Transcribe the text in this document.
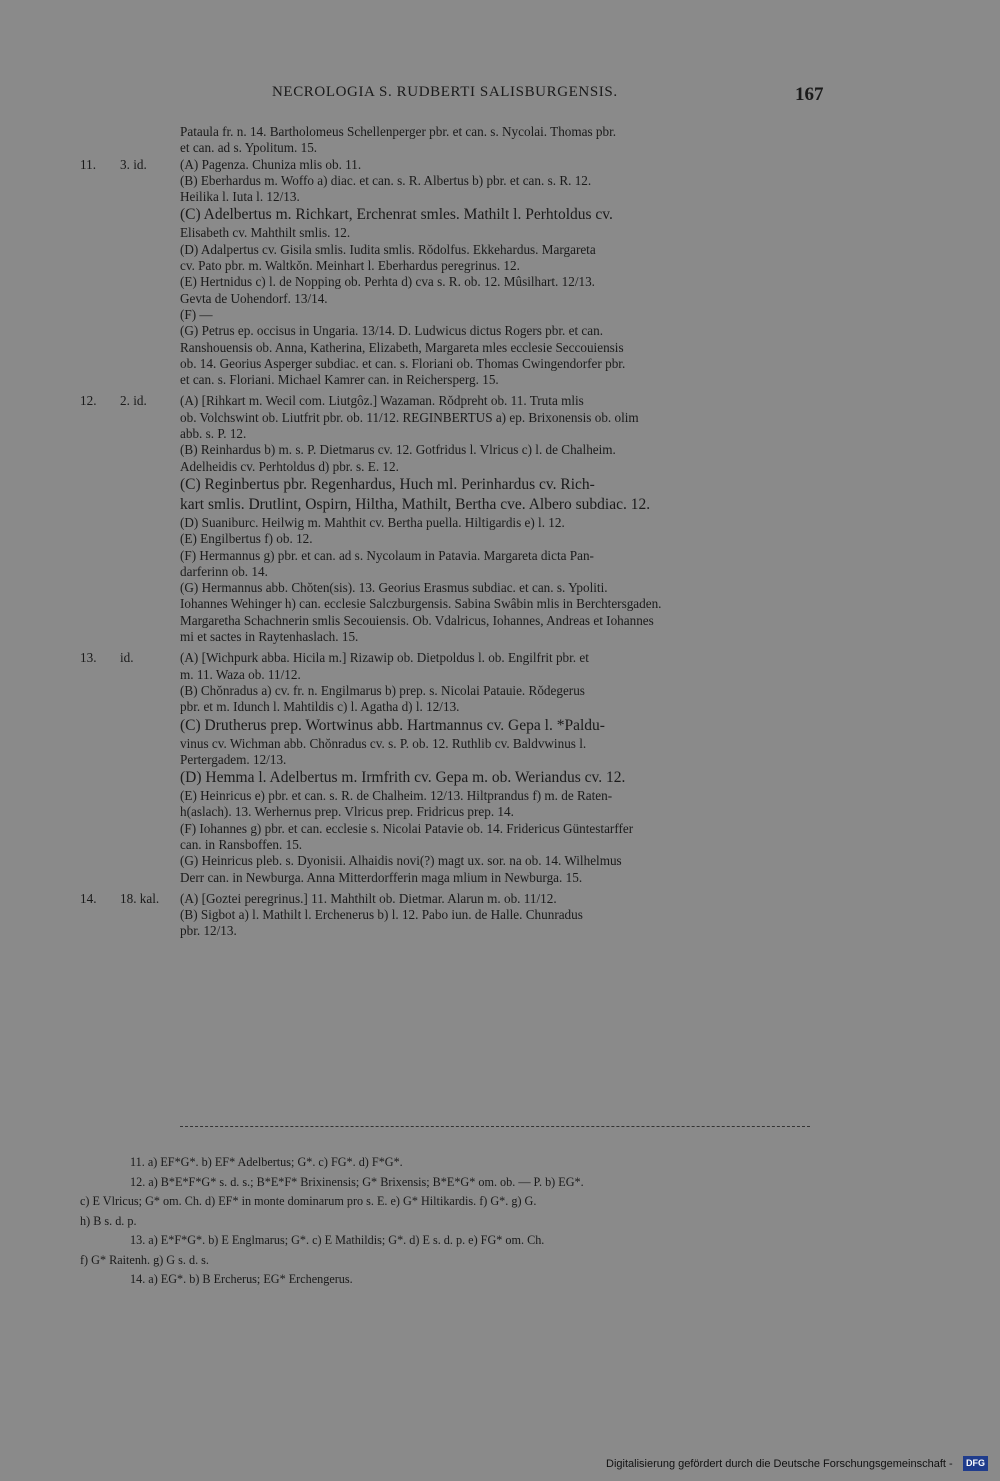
NECROLOGIA S. RUDBERTI SALISBURGENSIS.	167
Pataula fr. n. 14. Bartholomeus Schellenperger pbr. et can. s. Nycolai. Thomas pbr.
et can. ad s. Ypolitum. 15.
11. 3. id.	(A) Pagenza. Chuniza mlis ob. 11.
(B) Eberhardus m. Woffo a) diac. et can. s. R. Albertus b) pbr. et can. s. R. 12.
Heilika l. Iuta l. 12/13.
(C) Adelbertus m. Richkart, Erchenrat smles. Mathilt l. Perhtoldus cv.
Elisabeth cv. Mahthilt smlis. 12.
(D) Adalpertus cv. Gisila smlis. Iudita smlis. Rŏdolfus. Ekkehardus. Margareta
cv. Pato pbr. m. Waltkŏn. Meinhart l. Eberhardus peregrinus. 12.
(E) Hertnidus c) l. de Nopping ob. Perhta d) cva s. R. ob. 12. Mûsilhart. 12/13.
Gevta de Uohendorf. 13/14.
(F) —
(G) Petrus ep. occisus in Ungaria. 13/14. D. Ludwicus dictus Rogers pbr. et can.
Ranshouensis ob. Anna, Katherina, Elizabeth, Margareta mles ecclesie Seccouiensis
ob. 14. Georius Asperger subdiac. et can. s. Floriani ob. Thomas Cwingendorfer pbr.
et can. s. Floriani. Michael Kamrer can. in Reichersperg. 15.
12. 2. id.	(A) [Rihkart m. Wecil com. Liutgôz.] Wazaman. Rŏdpreht ob. 11. Truta mlis
ob. Volchswint ob. Liutfrit pbr. ob. 11/12. REGINBERTUS a) ep. Brixonensis ob. olim
abb. s. P. 12.
(B) Reinhardus b) m. s. P. Dietmarus cv. 12. Gotfridus l. Vlricus c) l. de Chalheim.
Adelheidis cv. Perhtoldus d) pbr. s. E. 12.
(C) Reginbertus pbr. Regenhardus, Huch ml. Perinhardus cv. Rich-
kart smlis. Drutlint, Ospirn, Hiltha, Mathilt, Bertha cve. Albero subdiac. 12.
(D) Suaniburc. Heilwig m. Mahthit cv. Bertha puella. Hiltigardis e) l. 12.
(E) Engilbertus f) ob. 12.
(F) Hermannus g) pbr. et can. ad s. Nycolaum in Patavia. Margareta dicta Pan-
darferinn ob. 14.
(G) Hermannus abb. Chŏten(sis). 13. Georius Erasmus subdiac. et can. s. Ypoliti.
Iohannes Wehinger h) can. ecclesie Salczburgensis. Sabina Swâbin mlis in Berchtersgaden.
Margaretha Schachnerin smlis Secouiensis. Ob. Vdalricus, Iohannes, Andreas et Iohannes
mi et sactes in Raytenhaslach. 15.
13. id.	(A) [Wichpurk abba. Hicila m.] Rizawip ob. Dietpoldus l. ob. Engilfrit pbr. et
m. 11. Waza ob. 11/12.
(B) Chŏnradus a) cv. fr. n. Engilmarus b) prep. s. Nicolai Patauie. Rŏdegerus
pbr. et m. Idunch l. Mahtildis c) l. Agatha d) l. 12/13.
(C) Drutherus prep. Wortwinus abb. Hartmannus cv. Gepa l. *Paldu-
vinus cv. Wichman abb. Chŏnradus cv. s. P. ob. 12. Ruthlib cv. Baldvwinus l.
Pertergadem. 12/13.
(D) Hemma l. Adelbertus m. Irmfrith cv. Gepa m. ob. Weriandus cv. 12.
(E) Heinricus e) pbr. et can. s. R. de Chalheim. 12/13. Hiltprandus f) m. de Raten-
h(aslach). 13. Werhernus prep. Vlricus prep. Fridricus prep. 14.
(F) Iohannes g) pbr. et can. ecclesie s. Nicolai Patavie ob. 14. Fridericus Güntestarffer
can. in Ransboffen. 15.
(G) Heinricus pleb. s. Dyonisii. Alhaidis novi(?) magt ux. sor. na ob. 14. Wilhelmus
Derr can. in Newburga. Anna Mitterdorfferin maga mlium in Newburga. 15.
14. 18. kal. (A) [Goztei peregrinus.] 11. Mahthilt ob. Dietmar. Alarun m. ob. 11/12.
(B) Sigbot a) l. Mathilt l. Erchenerus b) l. 12. Pabo iun. de Halle. Chunradus
pbr. 12/13.
11. a) EF*G*. b) EF* Adelbertus; G*. c) FG*. d) F*G*.
12. a) B*E*F*G* s. d. s.; B*E*F* Brixinensis; G* Brixensis; B*E*G* om. ob. — P. b) EG*.
c) E Vlricus; G* om. Ch. d) EF* in monte dominarum pro s. E. e) G* Hiltikardis. f) G*. g) G.
h) B s. d. p.
13. a) E*F*G*. b) E Englmarus; G*. c) E Mathildis; G*. d) E s. d. p. e) FG* om. Ch.
f) G* Raitenh. g) G s. d. s.
14. a) EG*. b) B Ercherus; EG* Erchengerus.
Digitalisierung gefördert durch die Deutsche Forschungsgemeinschaft -	DFG
